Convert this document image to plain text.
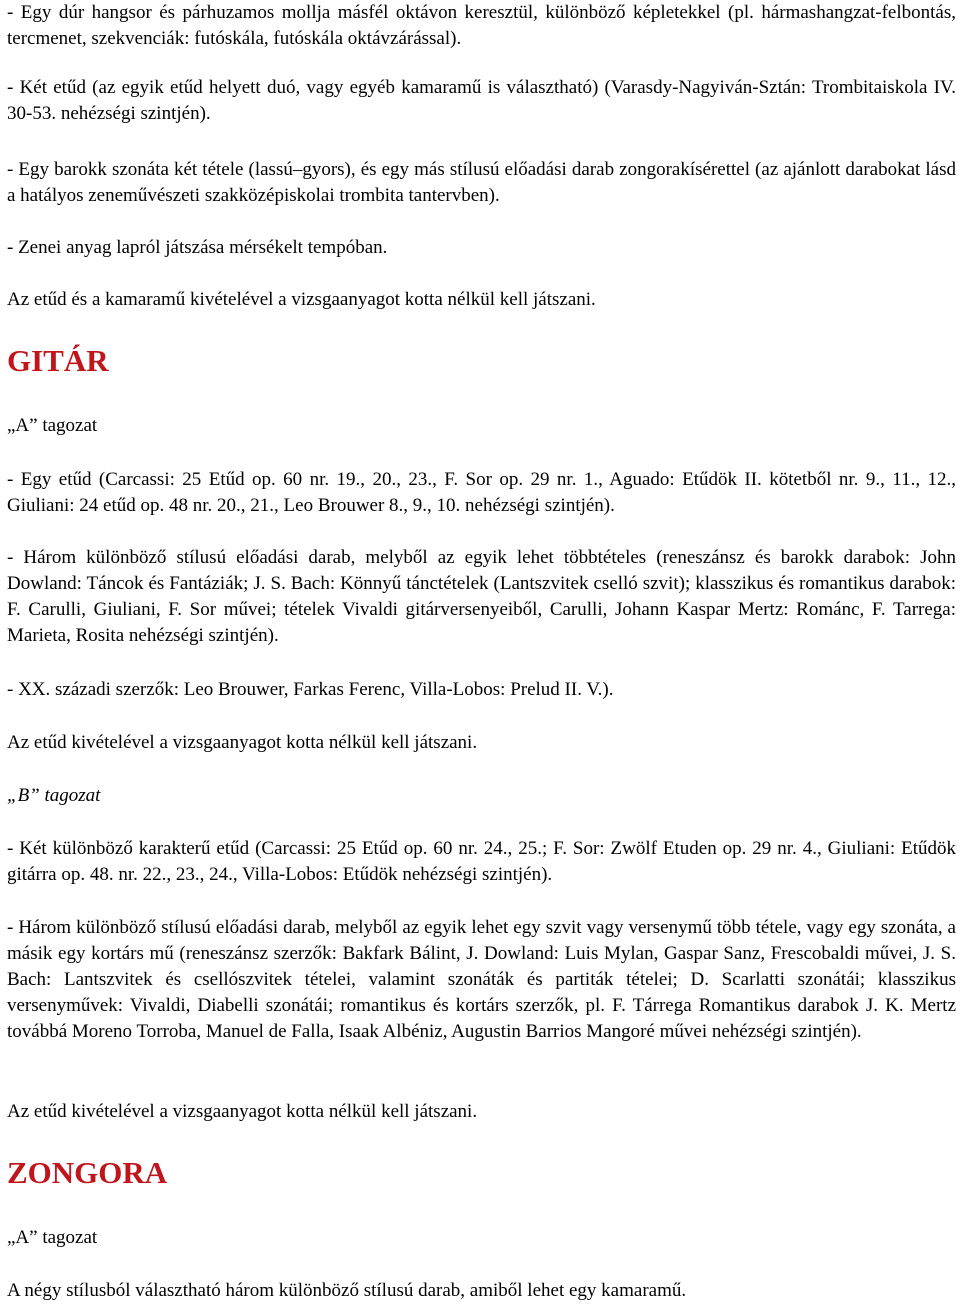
- Egy dúr hangsor és párhuzamos mollja másfél oktávon keresztül, különböző képletekkel (pl. hármashangzat-felbontás, tercmenet, szekvenciák: futóskála, futóskála oktávzárással).

- Két etűd (az egyik etűd helyett duó, vagy egyéb kamaramű is választható) (Varasdy-Nagyiván-Sztán: Trombitaiskola IV. 30-53. nehézségi szintjén).

- Egy barokk szonáta két tétele (lassú–gyors), és egy más stílusú előadási darab zongorakísérettel (az ajánlott darabokat lásd a hatályos zeneművészeti szakközépiskolai trombita tantervben).

- Zenei anyag lapról játszása mérsékelt tempóban.

Az etűd és a kamaramű kivételével a vizsgaanyagot kotta nélkül kell játszani.

GITÁR

„A” tagozat

- Egy etűd (Carcassi: 25 Etűd op. 60 nr. 19., 20., 23., F. Sor op. 29 nr. 1., Aguado: Etűdök II. kötetből nr. 9., 11., 12., Giuliani: 24 etűd op. 48 nr. 20., 21., Leo Brouwer 8., 9., 10. nehézségi szintjén).

- Három különböző stílusú előadási darab, melyből az egyik lehet többtételes (reneszánsz és barokk darabok: John Dowland: Táncok és Fantáziák; J. S. Bach: Könnyű tánctételek (Lantszvitek cselló szvit); klasszikus és romantikus darabok: F. Carulli, Giuliani, F. Sor művei; tételek Vivaldi gitárversenyeiből, Carulli, Johann Kaspar Mertz: Románc, F. Tarrega: Marieta, Rosita nehézségi szintjén).

- XX. századi szerzők: Leo Brouwer, Farkas Ferenc, Villa-Lobos: Prelud II. V.).

Az etűd kivételével a vizsgaanyagot kotta nélkül kell játszani.

„B” tagozat

- Két különböző karakterű etűd (Carcassi: 25 Etűd op. 60 nr. 24., 25.; F. Sor: Zwölf Etuden op. 29 nr. 4., Giuliani: Etűdök gitárra op. 48. nr. 22., 23., 24., Villa-Lobos: Etűdök nehézségi szintjén).

- Három különböző stílusú előadási darab, melyből az egyik lehet egy szvit vagy versenymű több tétele, vagy egy szonáta, a másik egy kortárs mű (reneszánsz szerzők: Bakfark Bálint, J. Dowland: Luis Mylan, Gaspar Sanz, Frescobaldi művei, J. S. Bach: Lantszvitek és csellószvitek tételei, valamint szonáták és partiták tételei; D. Scarlatti szonátái; klasszikus versenyművek: Vivaldi, Diabelli szonátái; romantikus és kortárs szerzők, pl. F. Tárrega Romantikus darabok J. K. Mertz továbbá Moreno Torroba, Manuel de Falla, Isaak Albéniz, Augustin Barrios Mangoré művei nehézségi szintjén).

Az etűd kivételével a vizsgaanyagot kotta nélkül kell játszani.

ZONGORA

„A” tagozat

A négy stílusból választható három különböző stílusú darab, amiből lehet egy kamaramű.
